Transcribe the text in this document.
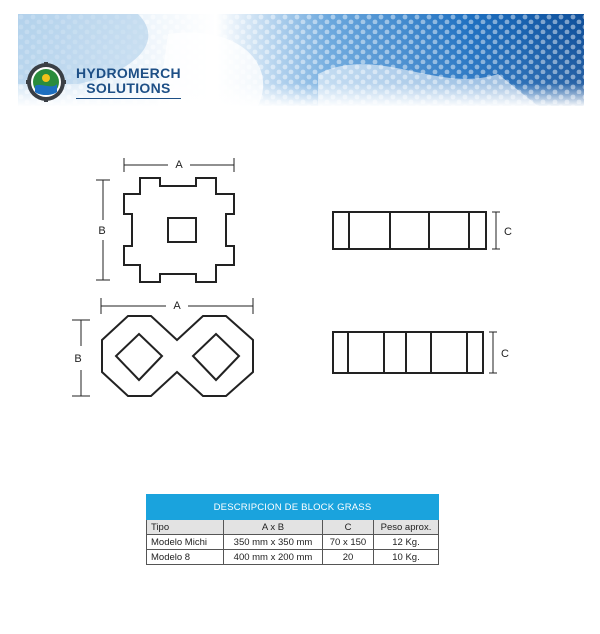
HYDROMERCH
SOLUTIONS
A
B	C
A
B	C
DESCRIPCION DE BLOCK GRASS			
Tipo	A x B	C	Peso aprox.
Modelo Michi	350 mm x 350 mm	70 x 150	12 Kg.
Modelo 8	400 mm x 200 mm	20	10 Kg.
